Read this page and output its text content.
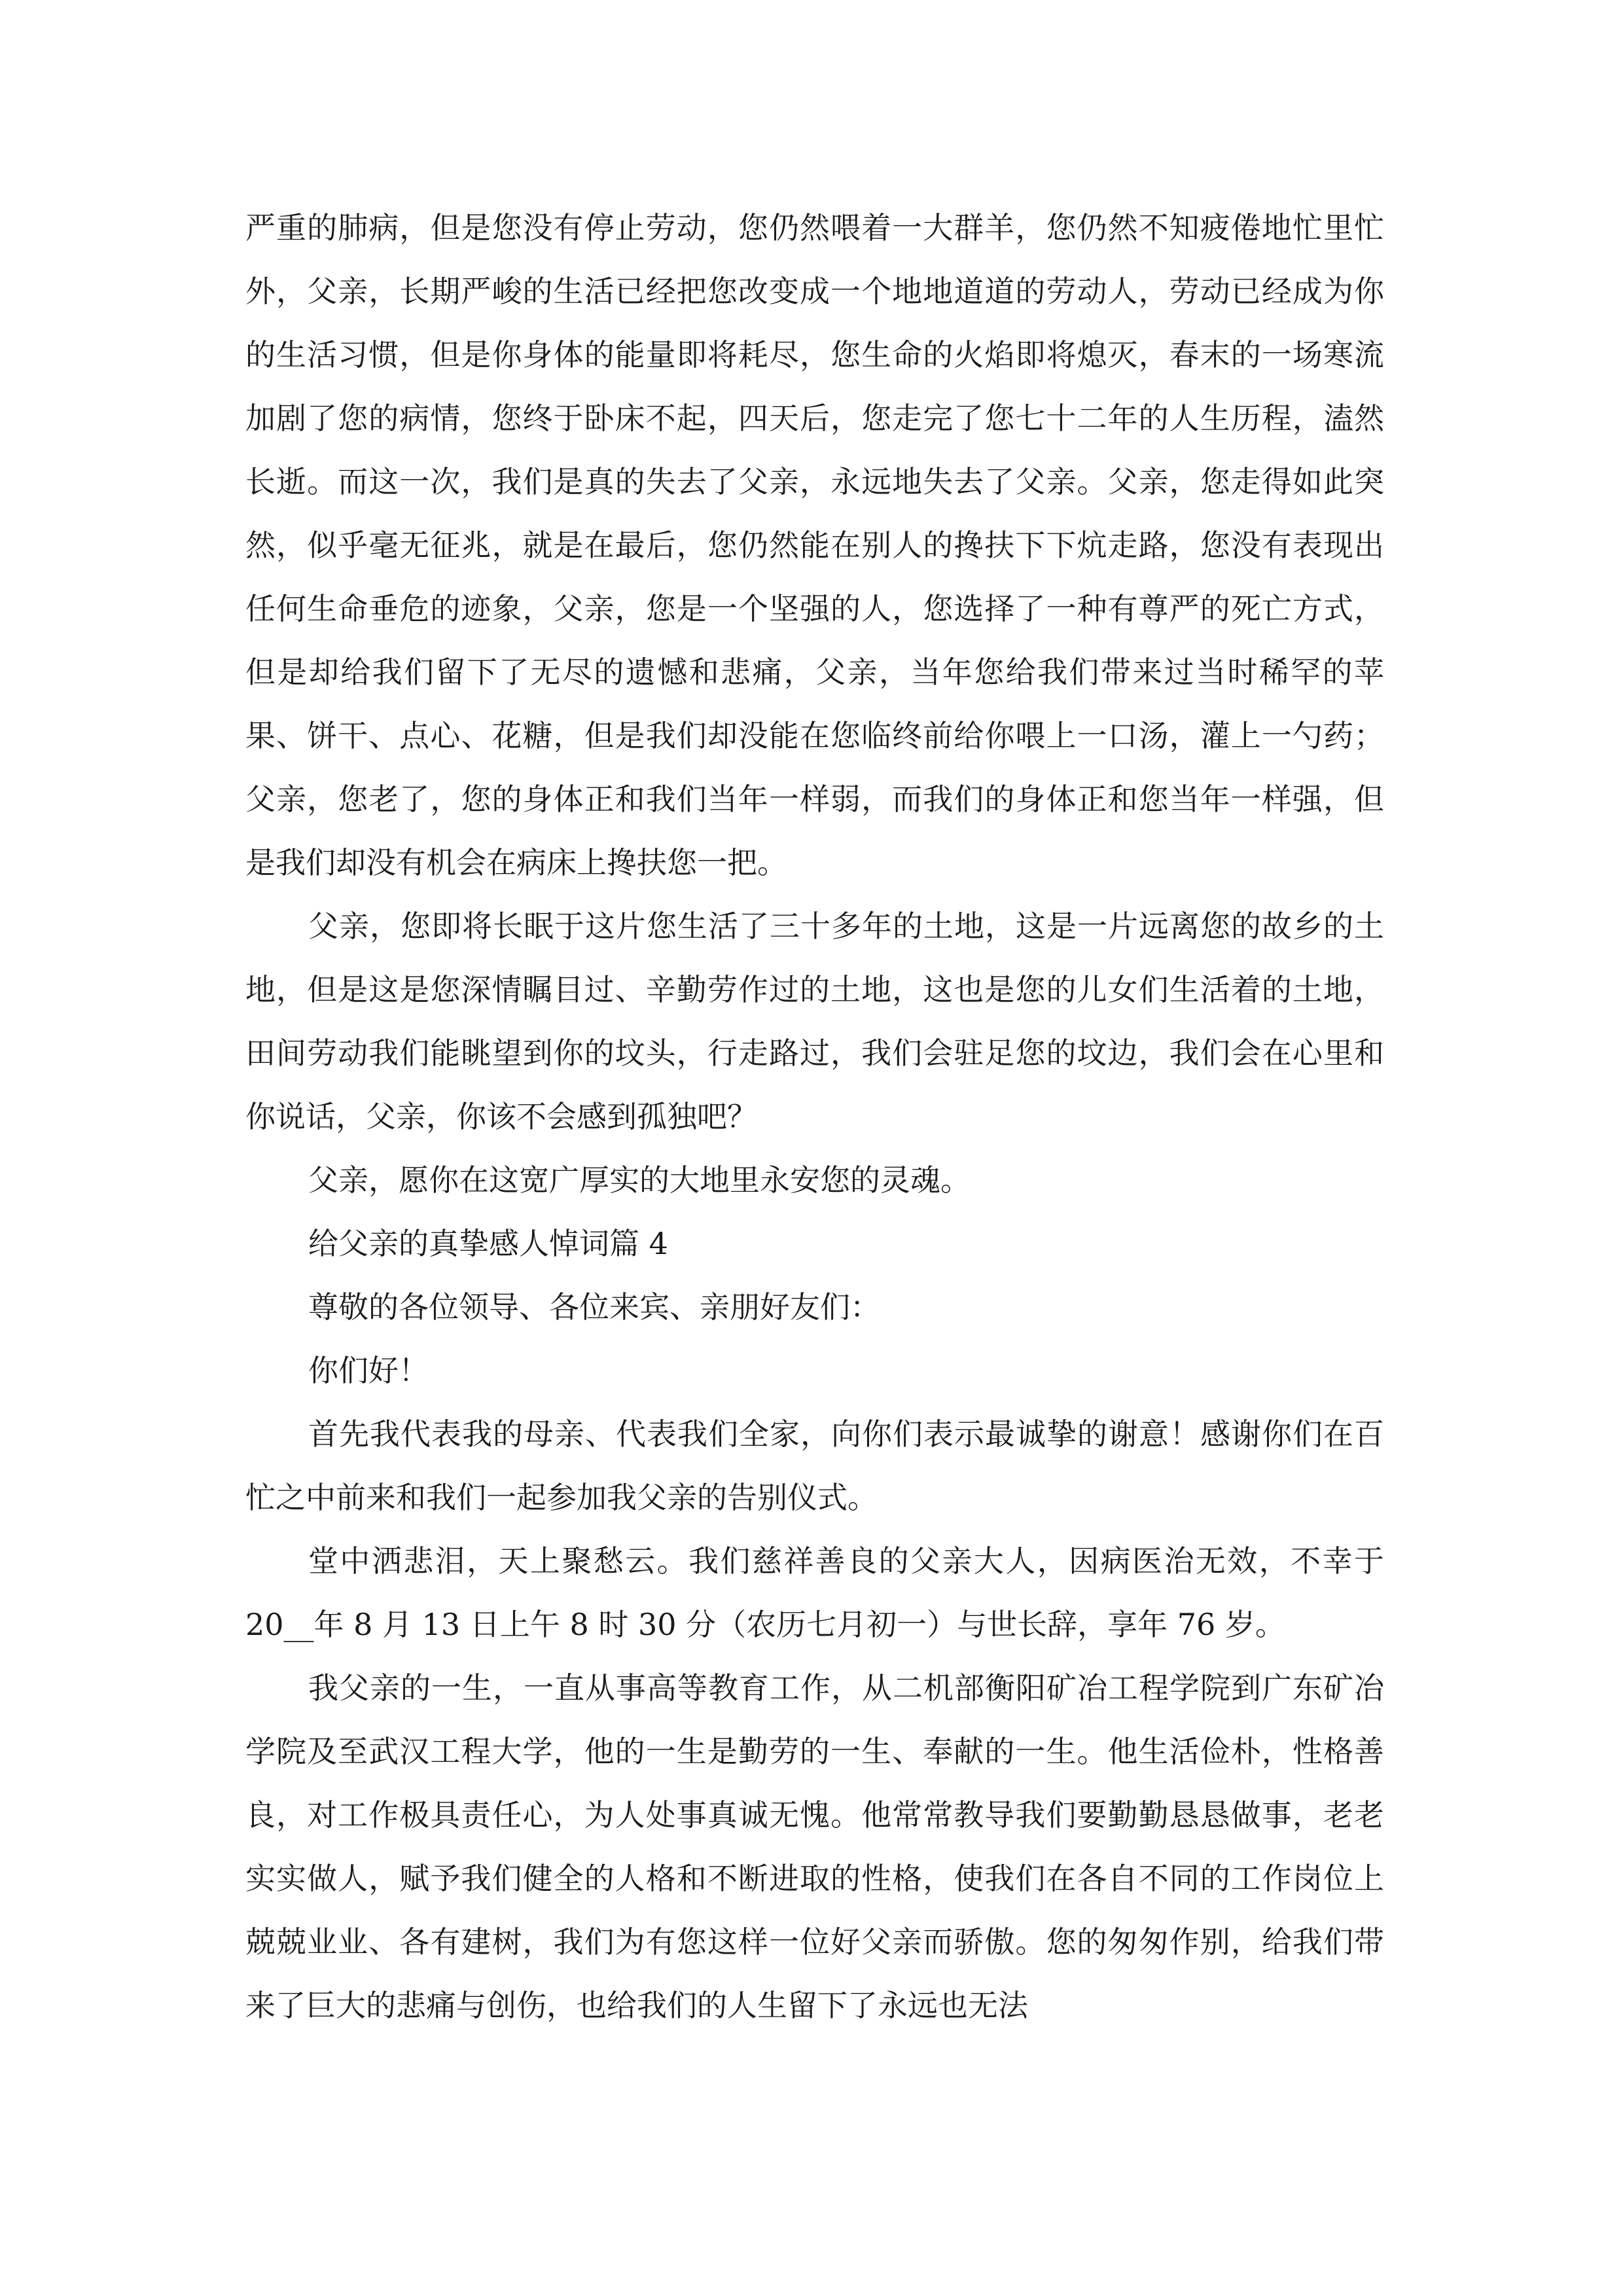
严重的肺病，但是您没有停止劳动，您仍然喂着一大群羊，您仍然不知疲倦地忙里忙外，父亲，长期严峻的生活已经把您改变成一个地地道道的劳动人，劳动已经成为你的生活习惯，但是你身体的能量即将耗尽，您生命的火焰即将熄灭，春末的一场寒流加剧了您的病情，您终于卧床不起，四天后，您走完了您七十二年的人生历程，溘然长逝。而这一次，我们是真的失去了父亲，永远地失去了父亲。父亲，您走得如此突然，似乎毫无征兆，就是在最后，您仍然能在别人的搀扶下下炕走路，您没有表现出任何生命垂危的迹象，父亲，您是一个坚强的人，您选择了一种有尊严的死亡方式，但是却给我们留下了无尽的遗憾和悲痛，父亲，当年您给我们带来过当时稀罕的苹果、饼干、点心、花糖，但是我们却没能在您临终前给你喂上一口汤，灌上一勺药；父亲，您老了，您的身体正和我们当年一样弱，而我们的身体正和您当年一样强，但是我们却没有机会在病床上搀扶您一把。

父亲，您即将长眠于这片您生活了三十多年的土地，这是一片远离您的故乡的土地，但是这是您深情瞩目过、辛勤劳作过的土地，这也是您的儿女们生活着的土地，田间劳动我们能眺望到你的坟头，行走路过，我们会驻足您的坟边，我们会在心里和你说话，父亲，你该不会感到孤独吧？

父亲，愿你在这宽广厚实的大地里永安您的灵魂。

给父亲的真挚感人悼词篇 4

尊敬的各位领导、各位来宾、亲朋好友们：

你们好！

首先我代表我的母亲、代表我们全家，向你们表示最诚挚的谢意！感谢你们在百忙之中前来和我们一起参加我父亲的告别仪式。

堂中洒悲泪，天上聚愁云。我们慈祥善良的父亲大人，因病医治无效，不幸于 20__年 8 月 13 日上午 8 时 30 分（农历七月初一）与世长辞，享年 76 岁。

我父亲的一生，一直从事高等教育工作，从二机部衡阳矿冶工程学院到广东矿冶学院及至武汉工程大学，他的一生是勤劳的一生、奉献的一生。他生活俭朴，性格善良，对工作极具责任心，为人处事真诚无愧。他常常教导我们要勤勤恳恳做事，老老实实做人，赋予我们健全的人格和不断进取的性格，使我们在各自不同的工作岗位上兢兢业业、各有建树，我们为有您这样一位好父亲而骄傲。您的匆匆作别，给我们带来了巨大的悲痛与创伤，也给我们的人生留下了永远也无法
